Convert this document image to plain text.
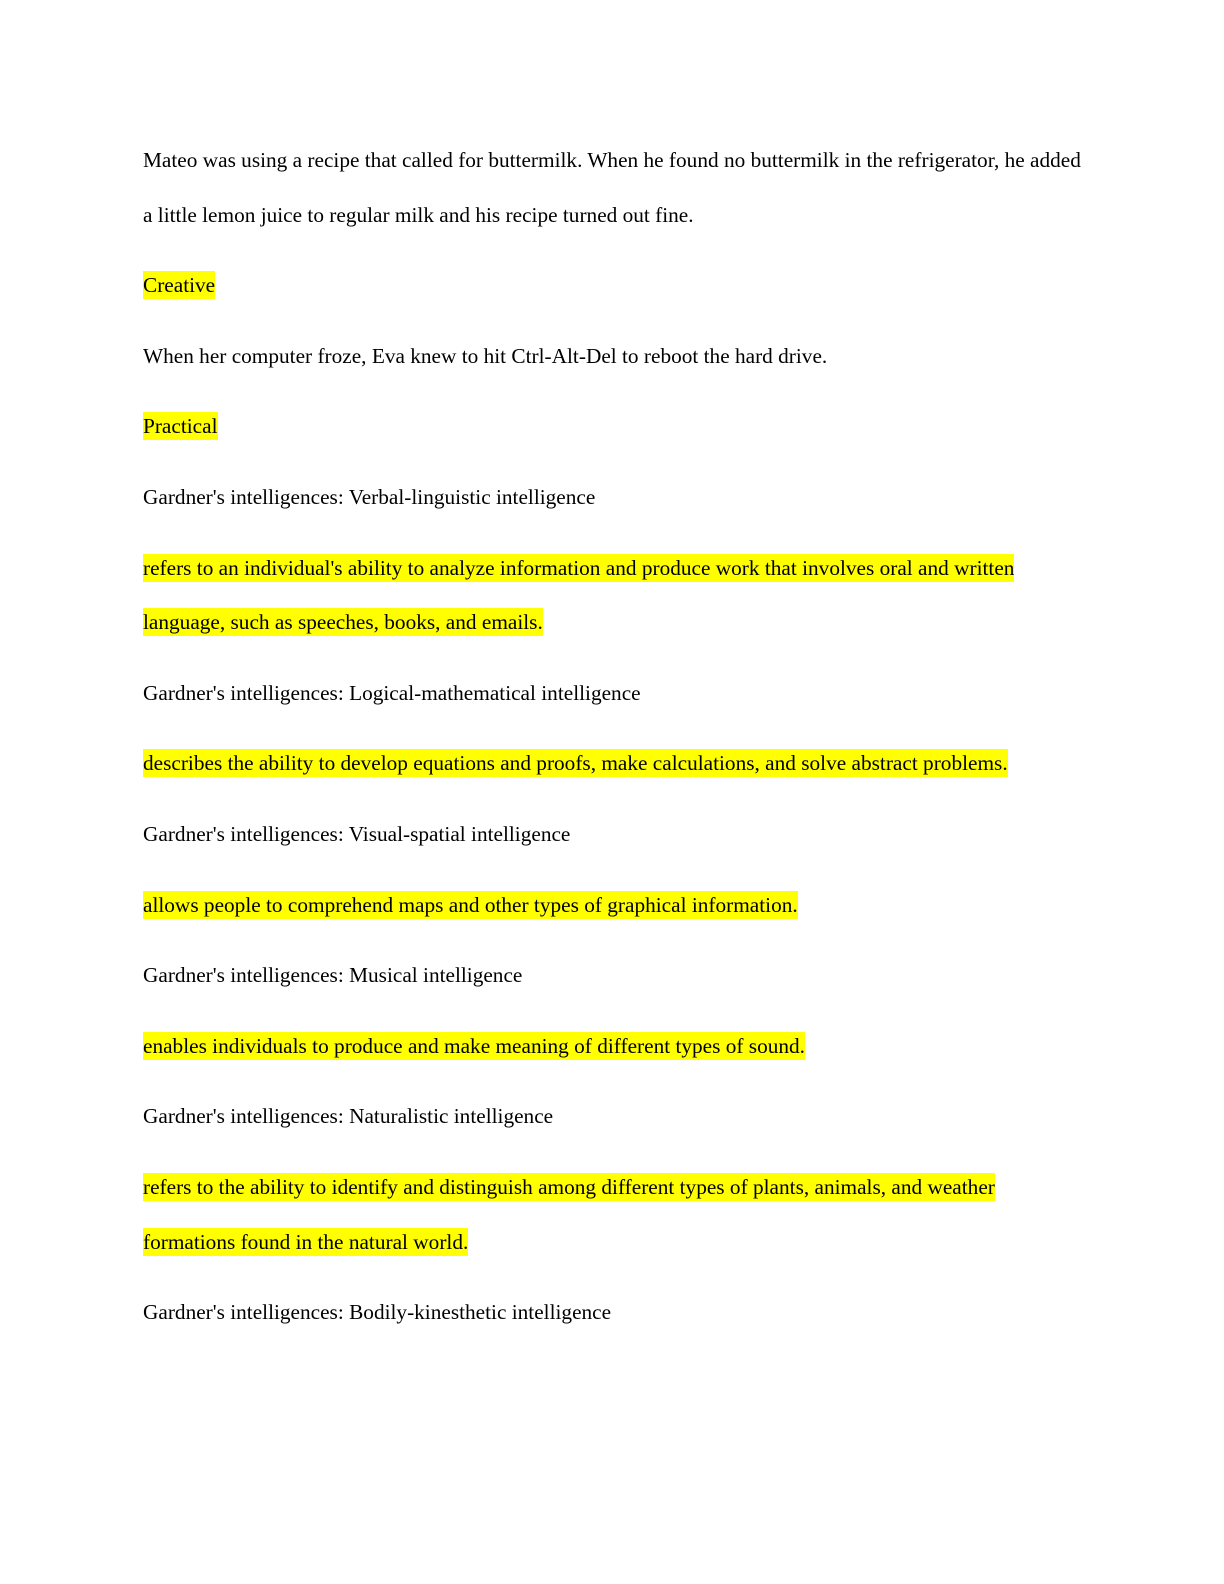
Mateo was using a recipe that called for buttermilk. When he found no buttermilk in the refrigerator, he added a little lemon juice to regular milk and his recipe turned out fine.

Creative

When her computer froze, Eva knew to hit Ctrl-Alt-Del to reboot the hard drive.

Practical

Gardner's intelligences: Verbal-linguistic intelligence

refers to an individual's ability to analyze information and produce work that involves oral and written language, such as speeches, books, and emails.

Gardner's intelligences: Logical-mathematical intelligence

describes the ability to develop equations and proofs, make calculations, and solve abstract problems.

Gardner's intelligences: Visual-spatial intelligence

allows people to comprehend maps and other types of graphical information.

Gardner's intelligences: Musical intelligence

enables individuals to produce and make meaning of different types of sound.

Gardner's intelligences: Naturalistic intelligence

refers to the ability to identify and distinguish among different types of plants, animals, and weather formations found in the natural world.

Gardner's intelligences: Bodily-kinesthetic intelligence
